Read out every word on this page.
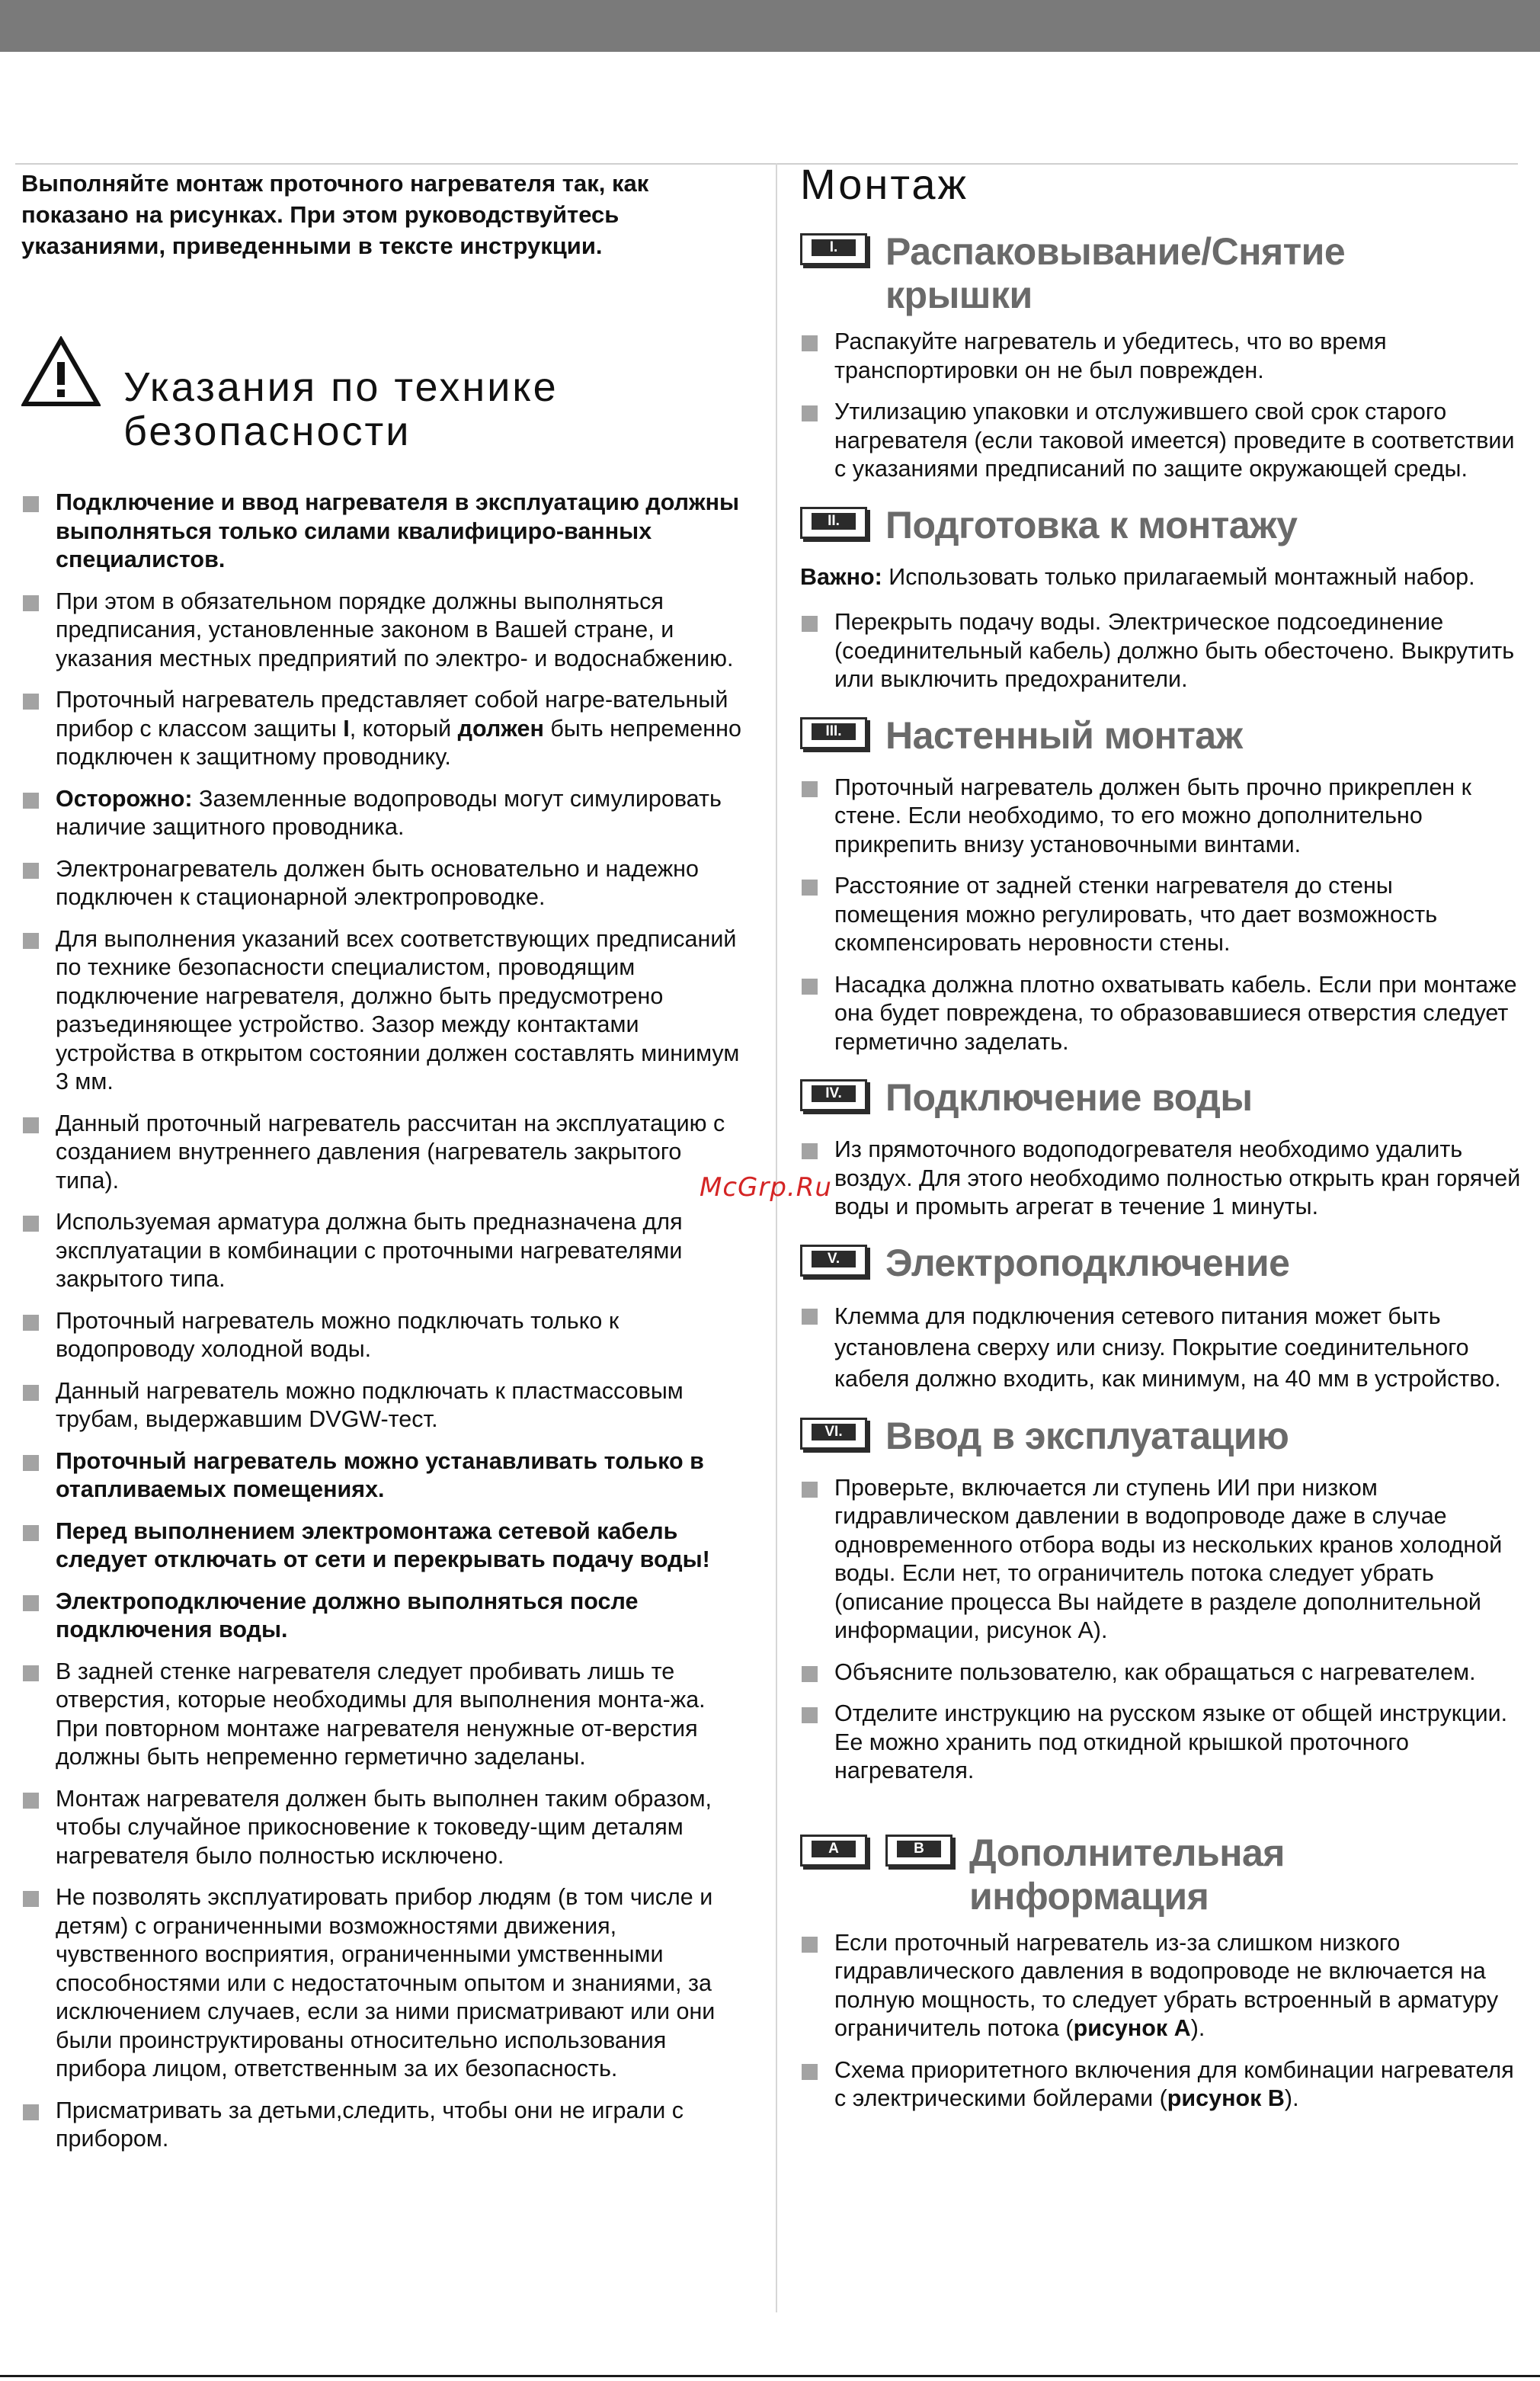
Выполняйте монтаж проточного нагревателя так, как показано на рисунках. При этом руководствуйтесь указаниями, приведенными в тексте инструкции.

Указания по технике
безопасности
Подключение и ввод нагревателя в эксплуатацию должны выполняться только силами квалифициро-ванных специалистов.
При этом в обязательном порядке должны выполняться предписания, установленные законом в Вашей стране, и указания местных предприятий по электро- и водоснабжению.
Проточный нагреватель представляет собой нагре-вательный прибор с классом защиты I, который должен быть непременно подключен к защитному проводнику.
Осторожно: Заземленные водопроводы могут симулировать наличие защитного проводника.
Электронагреватель должен быть основательно и надежно подключен к стационарной электропроводке.
Для выполнения указаний всех соответствующих предписаний по технике безопасности специалистом, проводящим подключение нагревателя, должно быть предусмотрено разъединяющее устройство. Зазор между контактами устройства в открытом состоянии должен составлять минимум 3 мм.
Данный проточный нагреватель рассчитан на эксплуатацию с созданием внутреннего давления (нагреватель закрытого типа).
Используемая арматура должна быть предназначена для эксплуатации в комбинации с проточными нагревателями закрытого типа.
Проточный нагреватель можно подключать только к водопроводу холодной воды.
Данный нагреватель можно подключать к пластмассовым трубам, выдержавшим DVGW-тест.
Проточный нагреватель можно устанавливать только в отапливаемых помещениях.
Перед выполнением электромонтажа сетевой кабель следует отключать от сети и перекрывать подачу воды!
Электроподключение должно выполняться после подключения воды.
В задней стенке нагревателя следует пробивать лишь те отверстия, которые необходимы для выполнения монта-жа. При повторном монтаже нагревателя ненужные от-верстия должны быть непременно герметично заделаны.
Монтаж нагревателя должен быть выполнен таким образом, чтобы случайное прикосновение к токоведу-щим деталям нагревателя было полностью исключено.
Не позволять эксплуатировать прибор людям (в том числе и детям) с ограниченными возможностями движения, чувственного восприятия, ограниченными умственными способностями или с недостаточным опытом и знаниями, за исключением случаев, если за ними присматривают или они были проинструктированы относительно использования прибора лицом, ответственным за их безопасность.
Присматривать за детьми,следить, чтобы они не играли с прибором.
Монтаж
I.	Распаковывание/Снятие
крышки
Распакуйте нагреватель и убедитесь, что во время транспортировки он не был поврежден.
Утилизацию упаковки и отслужившего свой срок старого нагревателя (если таковой имеется) проведите в соответствии с указаниями предписаний по защите окружающей среды.
II.	Подготовка к монтажу

Важно: Использовать только прилагаемый монтажный набор.

Перекрыть подачу воды. Электрическое подсоединение (соединительный кабель) должно быть обесточено. Выкрутить или выключить предохранители.
III.	Настенный монтаж
Проточный нагреватель должен быть прочно прикреплен к стене. Если необходимо, то его можно дополнительно прикрепить внизу установочными винтами.
Расстояние от задней стенки нагревателя до стены помещения можно регулировать, что дает возможность скомпенсировать неровности стены.
Насадка должна плотно охватывать кабель. Если при монтаже она будет повреждена, то образовавшиеся отверстия следует герметично заделать.
IV.	Подключение воды
Из прямоточного водоподогревателя необходимо удалить воздух. Для этого необходимо полностью открыть кран горячей воды и промыть агрегат в течение 1 минуты.
V.	Электроподключение
Клемма для подключения сетевого питания может быть установлена сверху или снизу. Покрытие соединительного кабеля должно входить, как минимум, на 40 мм в устройство.
VI.	Ввод в эксплуатацию
Проверьте, включается ли ступень ИИ при низком гидравлическом давлении в водопроводе даже в случае одновременного отбора воды из нескольких кранов холодной воды. Если нет, то ограничитель потока следует убрать (описание процесса Вы найдете в разделе дополнительной информации, рисунок А).
Объясните пользователю, как обращаться с нагревателем.
Отделите инструкцию на русском языке от общей инструкции. Ее можно хранить под откидной крышкой проточного нагревателя.
A	B	Дополнительная
информация
Если проточный нагреватель из-за слишком низкого гидравлического давления в водопроводе не включается на полную мощность, то следует убрать встроенный в арматуру ограничитель потока (рисунок А).
Схема приоритетного включения для комбинации нагревателя с электрическими бойлерами (рисунок В).
McGrp.Ru
